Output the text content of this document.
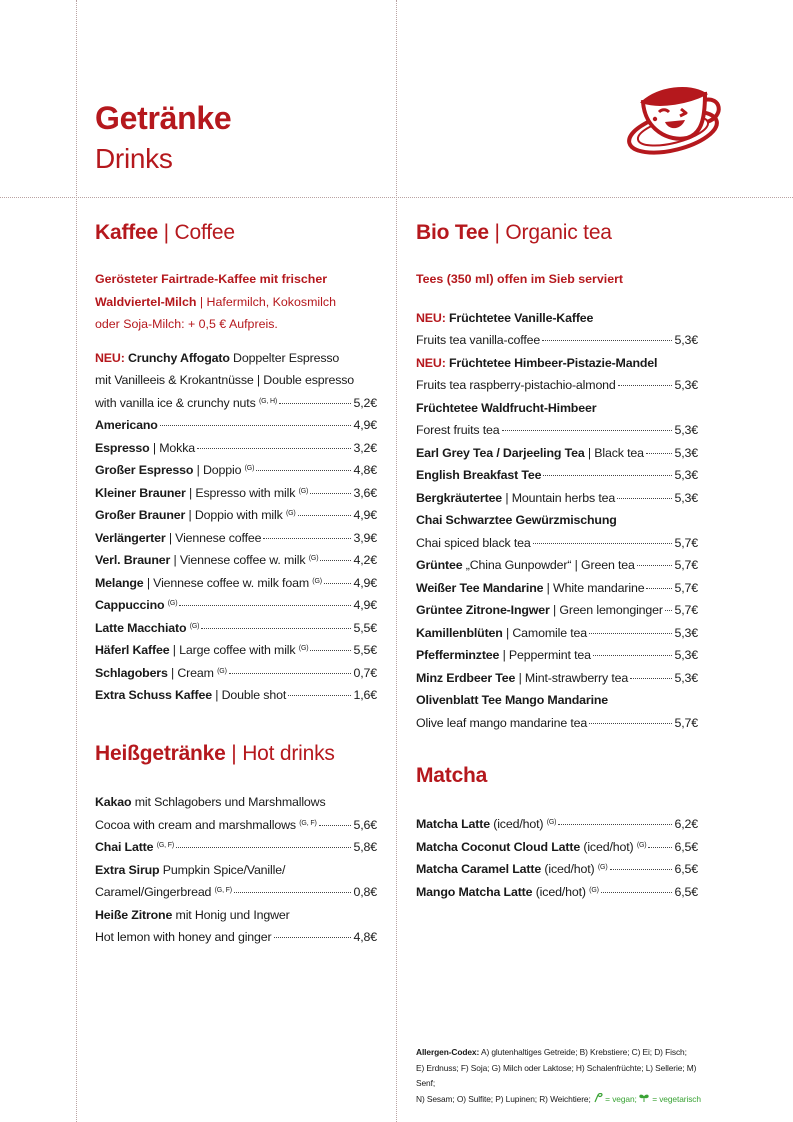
Getränke
Drinks
Kaffee | Coffee
Gerösteter Fairtrade-Kaffee mit frischer
Waldviertel-Milch | Hafermilch, Kokosmilch
oder Soja-Milch: + 0,5 € Aufpreis.
NEU: Crunchy Affogato Doppelter Espresso
mit Vanilleeis & Krokantnüsse | Double espresso
with vanilla ice & crunchy nuts $^{(G, H)}$	5,2€
Americano	4,9€
Espresso | Mokka	3,2€
Großer Espresso | Doppio $^{(G)}$	4,8€
Kleiner Brauner | Espresso with milk $^{(G)}$	3,6€
Großer Brauner | Doppio with milk $^{(G)}$	4,9€
Verlängerter | Viennese coffee	3,9€
Verl. Brauner | Viennese coffee w. milk $^{(G)}$	4,2€
Melange | Viennese coffee w. milk foam $^{(G)}$	4,9€
Cappuccino $^{(G)}$	4,9€
Latte Macchiato $^{(G)}$	5,5€
Häferl Kaffee | Large coffee with milk $^{(G)}$	5,5€
Schlagobers | Cream $^{(G)}$	0,7€
Extra Schuss Kaffee | Double shot	1,6€
Heißgetränke | Hot drinks
Kakao mit Schlagobers und Marshmallows
Cocoa with cream and marshmallows $^{(G, F)}$	5,6€
Chai Latte $^{(G, F)}$	5,8€
Extra Sirup Pumpkin Spice/Vanille/
Caramel/Gingerbread $^{(G, F)}$	0,8€
Heiße Zitrone mit Honig und Ingwer
Hot lemon with honey and ginger	4,8€
Bio Tee | Organic tea
Tees (350 ml) offen im Sieb serviert
NEU: Früchtetee Vanille-Kaffee
Fruits tea vanilla-coffee	5,3€
NEU: Früchtetee Himbeer-Pistazie-Mandel
Fruits tea raspberry-pistachio-almond	5,3€
Früchtetee Waldfrucht-Himbeer
Forest fruits tea	5,3€
Earl Grey Tea / Darjeeling Tea | Black tea 5,3€
English Breakfast Tee	5,3€
Bergkräutertee | Mountain herbs tea	5,3€
Chai Schwarztee Gewürzmischung
Chai spiced black tea	5,7€
Grüntee „China Gunpowder“ | Green tea	5,7€
Weißer Tee Mandarine | White mandarine 5,7€
Grüntee Zitrone-Ingwer | Green lemonginger 5,7€
Kamillenblüten | Camomile tea	5,3€
Pfefferminztee | Peppermint tea	5,3€
Minz Erdbeer Tee | Mint-strawberry tea	5,3€
Olivenblatt Tee Mango Mandarine
Olive leaf mango mandarine tea	5,7€
Matcha
Matcha Latte (iced/hot) $^{(G)}$	6,2€
Matcha Coconut Cloud Latte (iced/hot) $^{(G)}$ 6,5€
Matcha Caramel Latte (iced/hot) $^{(G)}$	6,5€
Mango Matcha Latte (iced/hot) $^{(G)}$	6,5€
Allergen-Codex: A) glutenhaltiges Getreide; B) Krebstiere; C) Ei; D) Fisch;
E) Erdnuss; F) Soja; G) Milch oder Laktose; H) Schalenfrüchte; L) Sellerie; M) Senf;
N) Sesam; O) Sulfite; P) Lupinen; R) Weichtiere;  = vegan;  = vegetarisch
